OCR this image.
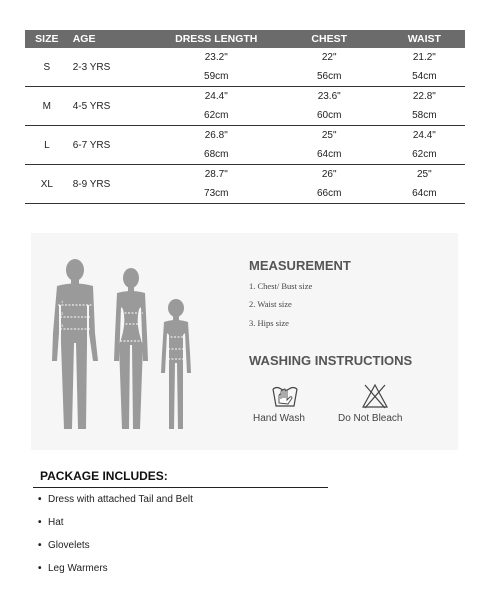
SIZE	AGE	DRESS LENGTH	CHEST	WAIST
S	2-3 YRS	23.2"	22"	21.2"
		59cm	56cm	54cm
M	4-5 YRS	24.4"	23.6"	22.8"
		62cm	60cm	58cm
L	6-7 YRS	26.8"	25"	24.4"
		68cm	64cm	62cm
XL	8-9 YRS	28.7"	26"	25"
		73cm	66cm	64cm
1
2
3
MEASUREMENT
1. Chest/ Bust size
2. Waist size
3. Hips size
WASHING INSTRUCTIONS
Hand Wash	Do Not Bleach
PACKAGE INCLUDES:
• Dress with attached Tail and Belt
• Hat
• Glovelets
• Leg Warmers
